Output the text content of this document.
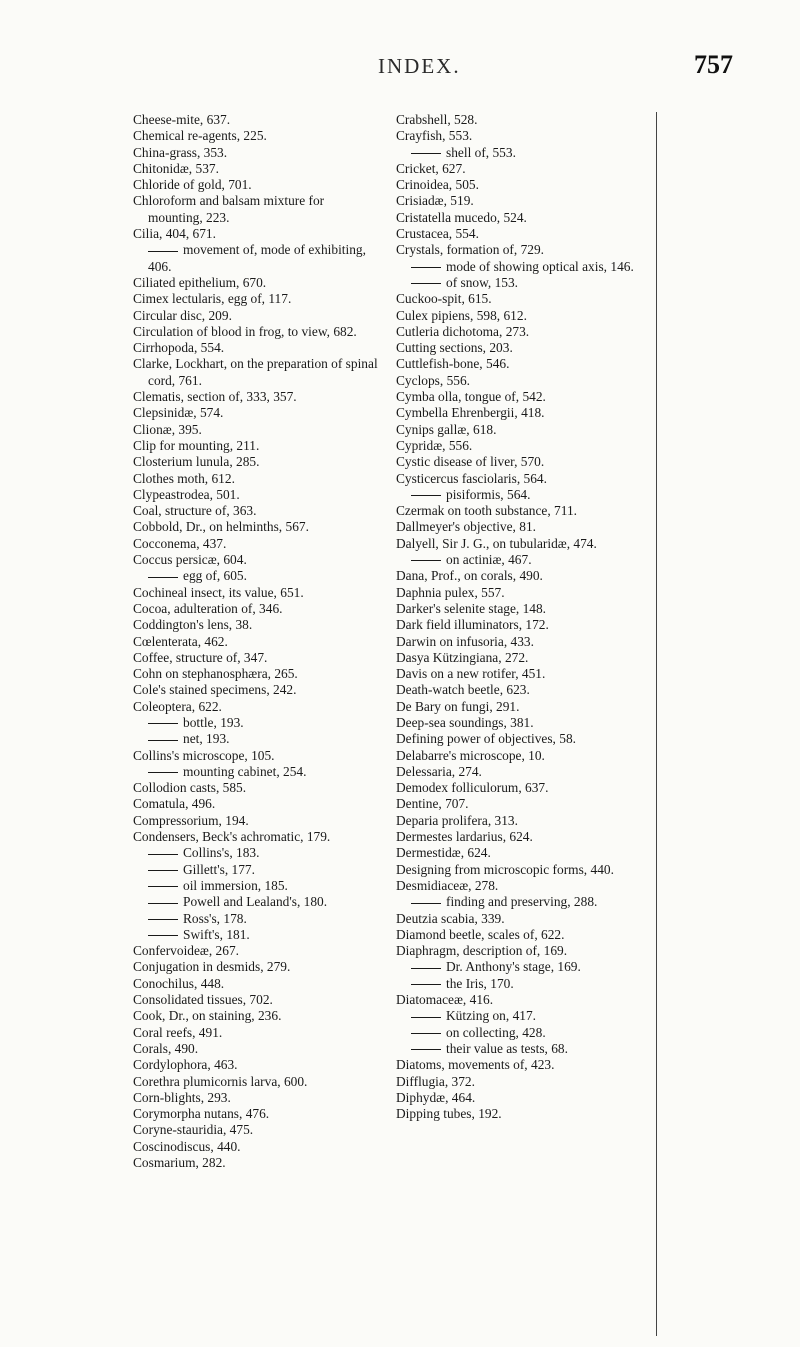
INDEX.	757
Cheese-mite, 637.
Chemical re-agents, 225.
China-grass, 353.
Chitonidæ, 537.
Chloride of gold, 701.
Chloroform and balsam mixture for mounting, 223.
Cilia, 404, 671.
movement of, mode of exhibiting, 406.
Ciliated epithelium, 670.
Cimex lectularis, egg of, 117.
Circular disc, 209.
Circulation of blood in frog, to view, 682.
Cirrhopoda, 554.
Clarke, Lockhart, on the preparation of spinal cord, 761.
Clematis, section of, 333, 357.
Clepsinidæ, 574.
Clionæ, 395.
Clip for mounting, 211.
Closterium lunula, 285.
Clothes moth, 612.
Clypeastrodea, 501.
Coal, structure of, 363.
Cobbold, Dr., on helminths, 567.
Cocconema, 437.
Coccus persicæ, 604.
egg of, 605.
Cochineal insect, its value, 651.
Cocoa, adulteration of, 346.
Coddington's lens, 38.
Cœlenterata, 462.
Coffee, structure of, 347.
Cohn on stephanosphæra, 265.
Cole's stained specimens, 242.
Coleoptera, 622.
bottle, 193.
net, 193.
Collins's microscope, 105.
mounting cabinet, 254.
Collodion casts, 585.
Comatula, 496.
Compressorium, 194.
Condensers, Beck's achromatic, 179.
Collins's, 183.
Gillett's, 177.
oil immersion, 185.
Powell and Lealand's, 180.
Ross's, 178.
Swift's, 181.
Confervoideæ, 267.
Conjugation in desmids, 279.
Conochilus, 448.
Consolidated tissues, 702.
Cook, Dr., on staining, 236.
Coral reefs, 491.
Corals, 490.
Cordylophora, 463.
Corethra plumicornis larva, 600.
Corn-blights, 293.
Corymorpha nutans, 476.
Coryne-stauridia, 475.
Coscinodiscus, 440.
Cosmarium, 282.
Crabshell, 528.
Crayfish, 553.
shell of, 553.
Cricket, 627.
Crinoidea, 505.
Crisiadæ, 519.
Cristatella mucedo, 524.
Crustacea, 554.
Crystals, formation of, 729.
mode of showing optical axis, 146.
of snow, 153.
Cuckoo-spit, 615.
Culex pipiens, 598, 612.
Cutleria dichotoma, 273.
Cutting sections, 203.
Cuttlefish-bone, 546.
Cyclops, 556.
Cymba olla, tongue of, 542.
Cymbella Ehrenbergii, 418.
Cynips gallæ, 618.
Cypridæ, 556.
Cystic disease of liver, 570.
Cysticercus fasciolaris, 564.
pisiformis, 564.
Czermak on tooth substance, 711.
Dallmeyer's objective, 81.
Dalyell, Sir J. G., on tubularidæ, 474.
on actiniæ, 467.
Dana, Prof., on corals, 490.
Daphnia pulex, 557.
Darker's selenite stage, 148.
Dark field illuminators, 172.
Darwin on infusoria, 433.
Dasya Kützingiana, 272.
Davis on a new rotifer, 451.
Death-watch beetle, 623.
De Bary on fungi, 291.
Deep-sea soundings, 381.
Defining power of objectives, 58.
Delabarre's microscope, 10.
Delessaria, 274.
Demodex folliculorum, 637.
Dentine, 707.
Deparia prolifera, 313.
Dermestes lardarius, 624.
Dermestidæ, 624.
Designing from microscopic forms, 440.
Desmidiaceæ, 278.
finding and preserving, 288.
Deutzia scabia, 339.
Diamond beetle, scales of, 622.
Diaphragm, description of, 169.
Dr. Anthony's stage, 169.
the Iris, 170.
Diatomaceæ, 416.
Kützing on, 417.
on collecting, 428.
their value as tests, 68.
Diatoms, movements of, 423.
Difflugia, 372.
Diphydæ, 464.
Dipping tubes, 192.
